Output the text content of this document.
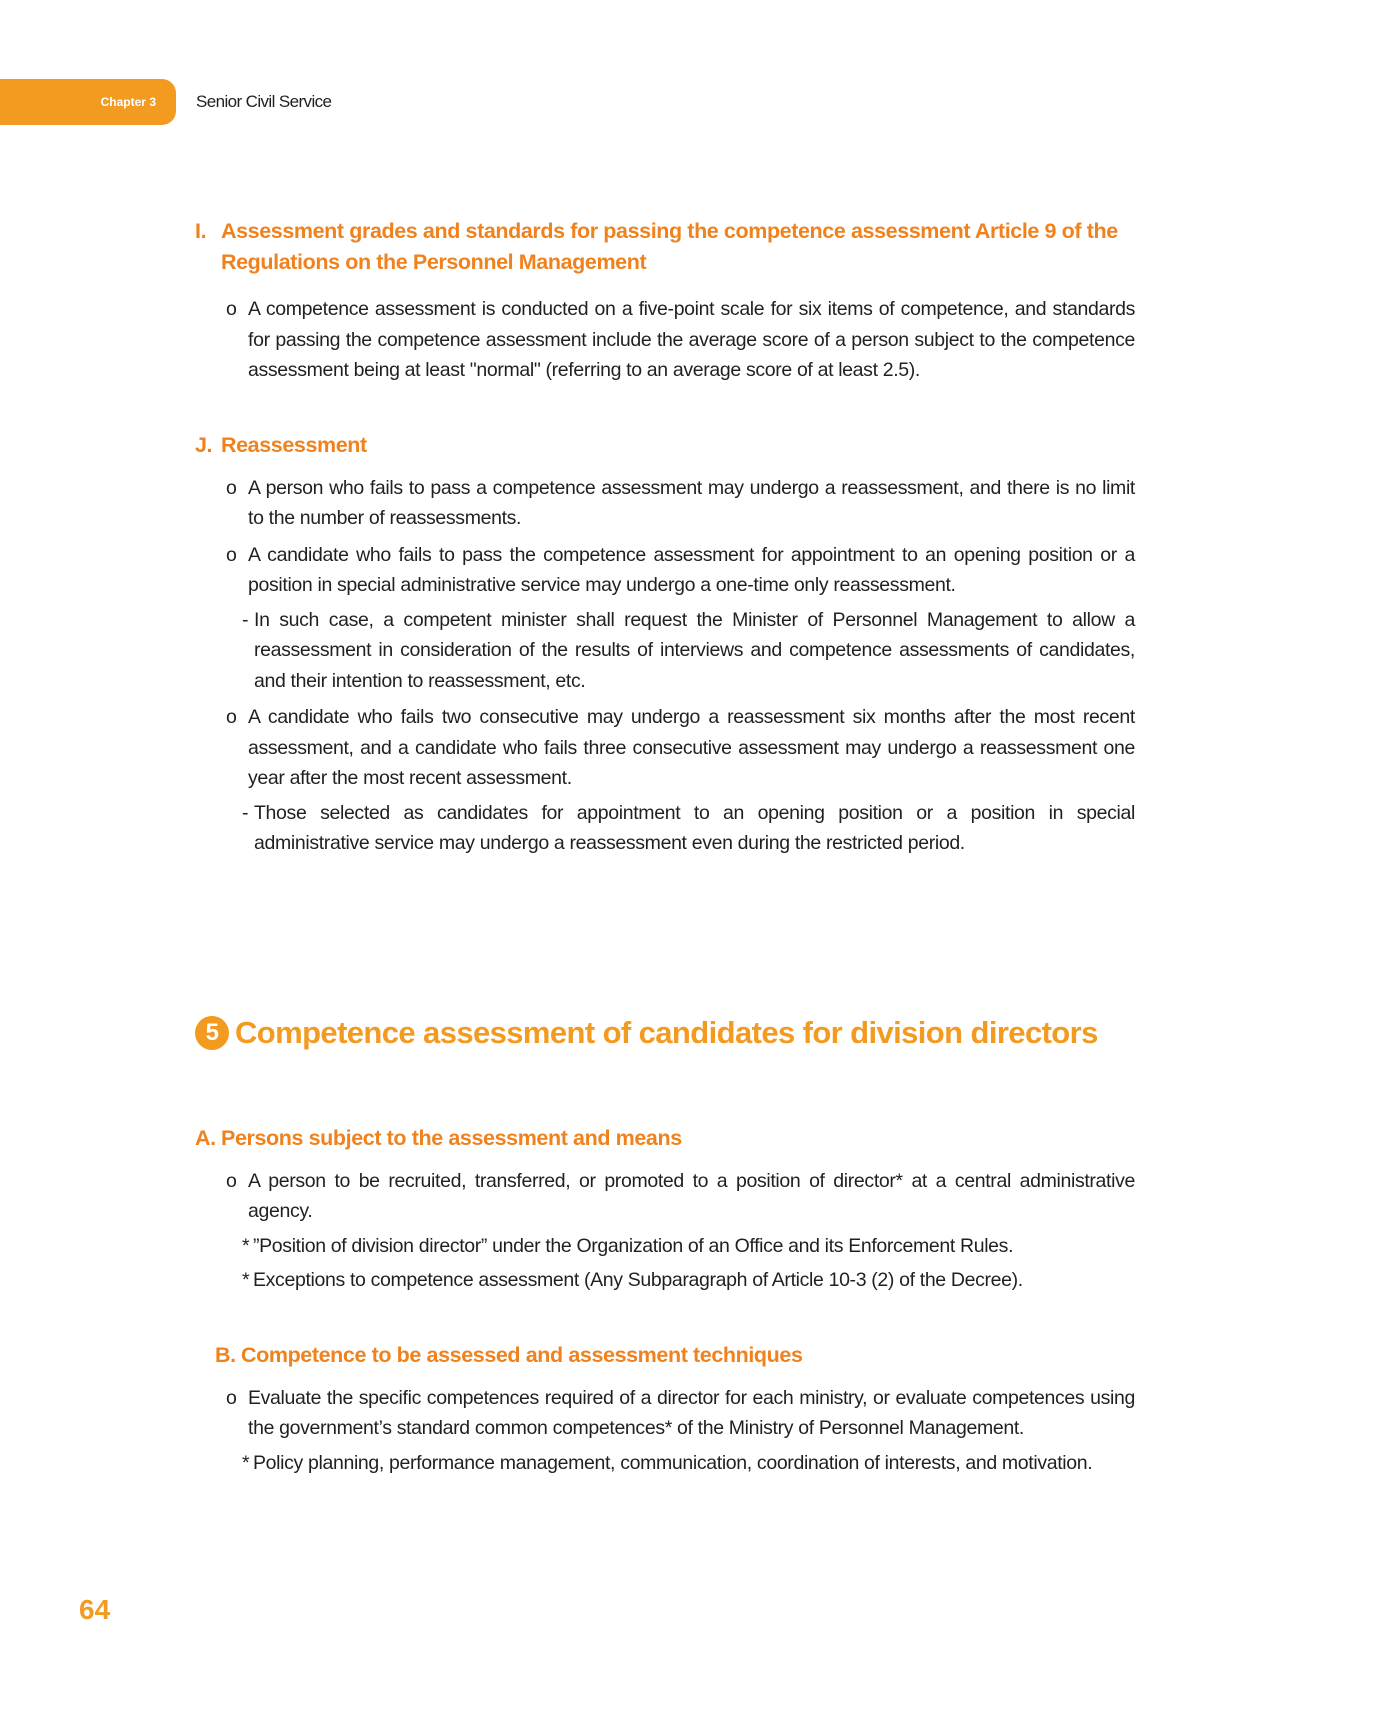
Chapter 3	Senior Civil Service
I. Assessment grades and standards for passing the competence assessment Article 9 of the Regulations on the Personnel Management
o A competence assessment is conducted on a five-point scale for six items of competence, and standards for passing the competence assessment include the average score of a person subject to the competence assessment being at least "normal" (referring to an average score of at least 2.5).
J. Reassessment
o A person who fails to pass a competence assessment may undergo a reassessment, and there is no limit to the number of reassessments.
o A candidate who fails to pass the competence assessment for appointment to an opening position or a position in special administrative service may undergo a one-time only reassessment.
- In such case, a competent minister shall request the Minister of Personnel Management to allow a reassessment in consideration of the results of interviews and competence assessments of candidates, and their intention to reassessment, etc.
o A candidate who fails two consecutive may undergo a reassessment six months after the most recent assessment, and a candidate who fails three consecutive assessment may undergo a reassessment one year after the most recent assessment.
- Those selected as candidates for appointment to an opening position or a position in special administrative service may undergo a reassessment even during the restricted period.
5 Competence assessment of candidates for division directors
A. Persons subject to the assessment and means
o A person to be recruited, transferred, or promoted to a position of director* at a central administrative agency.
* ”Position of division director” under the Organization of an Office and its Enforcement Rules.
* Exceptions to competence assessment (Any Subparagraph of Article 10-3 (2) of the Decree).
B. Competence to be assessed and assessment techniques
o Evaluate the specific competences required of a director for each ministry, or evaluate competences using the government’s standard common competences* of the Ministry of Personnel Management.
* Policy planning, performance management, communication, coordination of interests, and motivation.
64
